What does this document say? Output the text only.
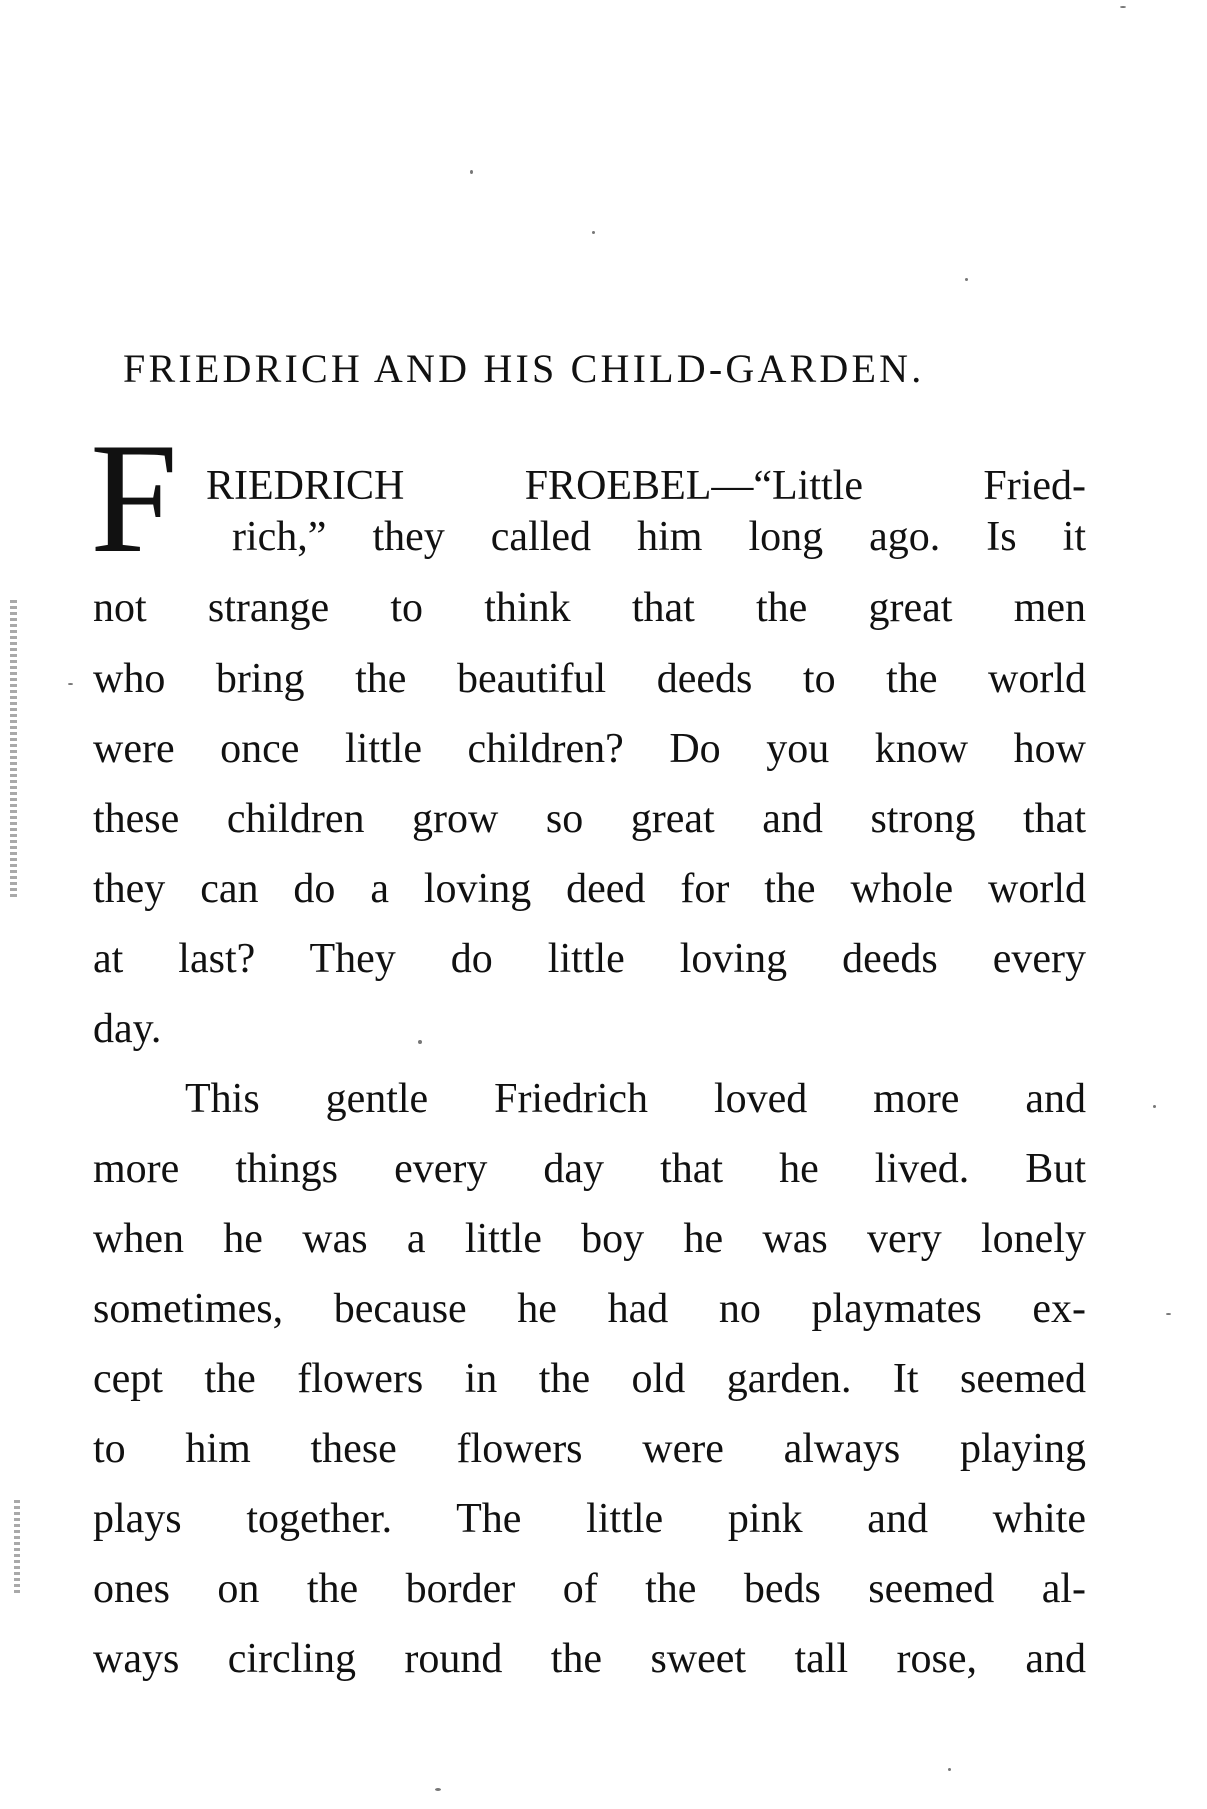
FRIEDRICH AND HIS CHILD-GARDEN.
F RIEDRICH FROEBEL—“Little Fried-
rich,” they called him long ago. Is it
not strange to think that the great men
who bring the beautiful deeds to the world
were once little children? Do you know how
these children grow so great and strong that
they can do a loving deed for the whole world
at last? They do little loving deeds every
day.
This gentle Friedrich loved more and
more things every day that he lived. But
when he was a little boy he was very lonely
sometimes, because he had no playmates ex-
cept the flowers in the old garden. It seemed
to him these flowers were always playing
plays together. The little pink and white
ones on the border of the beds seemed al-
ways circling round the sweet tall rose, and
